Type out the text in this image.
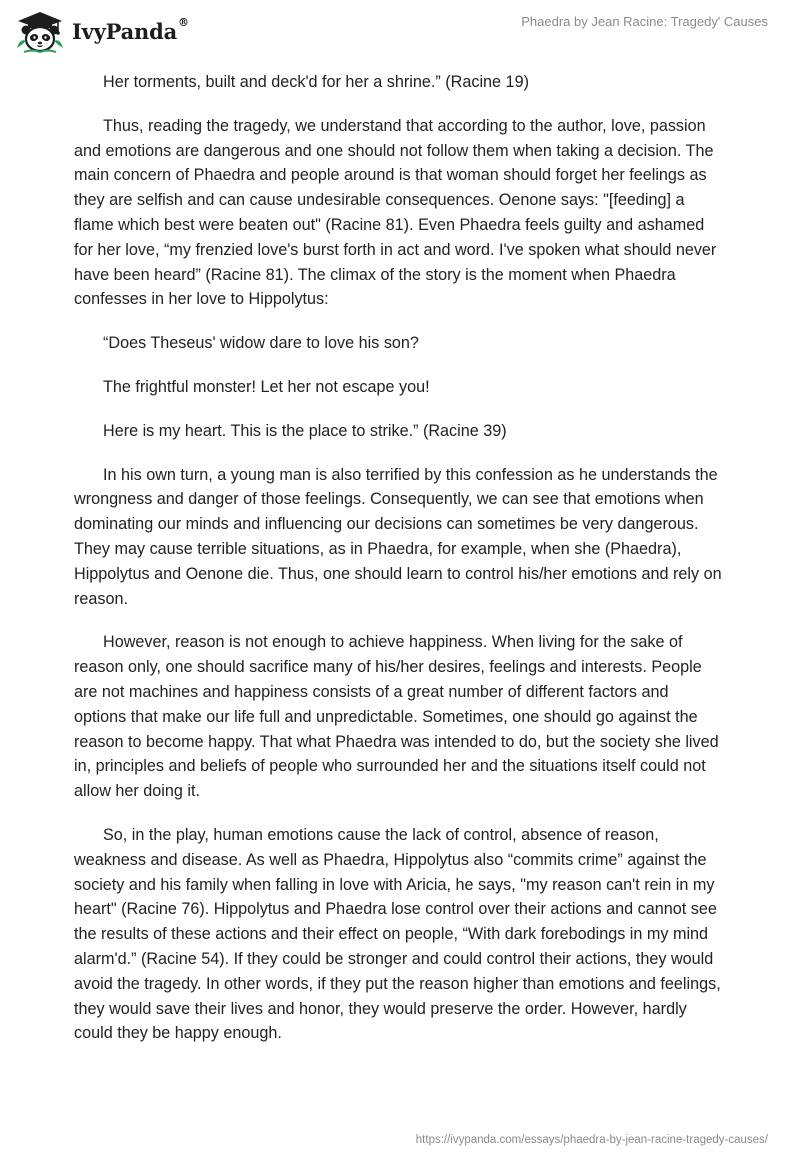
IvyPanda®	Phaedra by Jean Racine: Tragedy' Causes

Her torments, built and deck'd for her a shrine.” (Racine 19)

Thus, reading the tragedy, we understand that according to the author, love, passion and emotions are dangerous and one should not follow them when taking a decision. The main concern of Phaedra and people around is that woman should forget her feelings as they are selfish and can cause undesirable consequences. Oenone says: "[feeding] a flame which best were beaten out" (Racine 81). Even Phaedra feels guilty and ashamed for her love, “my frenzied love's burst forth in act and word. I've spoken what should never have been heard” (Racine 81). The climax of the story is the moment when Phaedra confesses in her love to Hippolytus:

“Does Theseus' widow dare to love his son?

The frightful monster! Let her not escape you!

Here is my heart. This is the place to strike.” (Racine 39)

In his own turn, a young man is also terrified by this confession as he understands the wrongness and danger of those feelings. Consequently, we can see that emotions when dominating our minds and influencing our decisions can sometimes be very dangerous. They may cause terrible situations, as in Phaedra, for example, when she (Phaedra), Hippolytus and Oenone die. Thus, one should learn to control his/her emotions and rely on reason.

However, reason is not enough to achieve happiness. When living for the sake of reason only, one should sacrifice many of his/her desires, feelings and interests. People are not machines and happiness consists of a great number of different factors and options that make our life full and unpredictable. Sometimes, one should go against the reason to become happy. That what Phaedra was intended to do, but the society she lived in, principles and beliefs of people who surrounded her and the situations itself could not allow her doing it.

So, in the play, human emotions cause the lack of control, absence of reason, weakness and disease. As well as Phaedra, Hippolytus also “commits crime” against the society and his family when falling in love with Aricia, he says, "my reason can't rein in my heart" (Racine 76). Hippolytus and Phaedra lose control over their actions and cannot see the results of these actions and their effect on people, “With dark forebodings in my mind alarm'd.” (Racine 54). If they could be stronger and could control their actions, they would avoid the tragedy. In other words, if they put the reason higher than emotions and feelings, they would save their lives and honor, they would preserve the order. However, hardly could they be happy enough.

https://ivypanda.com/essays/phaedra-by-jean-racine-tragedy-causes/
